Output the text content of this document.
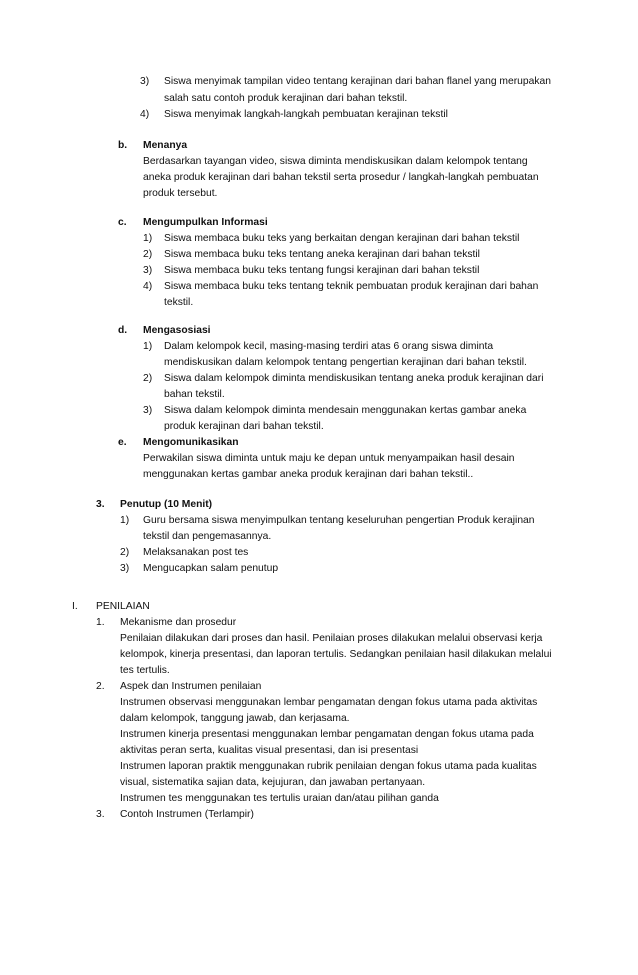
3) Siswa menyimak tampilan video tentang kerajinan dari bahan flanel yang merupakan
salah satu contoh produk kerajinan dari bahan tekstil.
4) Siswa menyimak langkah-langkah pembuatan kerajinan tekstil
b. Menanya
Berdasarkan tayangan video, siswa diminta mendiskusikan dalam kelompok tentang
aneka produk kerajinan dari bahan tekstil serta prosedur / langkah-langkah pembuatan
produk tersebut.
c. Mengumpulkan Informasi
1) Siswa membaca buku teks yang berkaitan dengan kerajinan dari bahan tekstil
2) Siswa membaca buku teks tentang aneka kerajinan dari bahan tekstil
3) Siswa membaca buku teks tentang fungsi kerajinan dari bahan tekstil
4) Siswa membaca buku teks tentang teknik pembuatan produk kerajinan dari bahan
tekstil.
d. Mengasosiasi
1) Dalam kelompok kecil, masing-masing terdiri atas 6 orang siswa diminta
mendiskusikan dalam kelompok tentang pengertian kerajinan dari bahan tekstil.
2) Siswa dalam kelompok diminta mendiskusikan tentang aneka produk kerajinan dari
bahan tekstil.
3) Siswa dalam kelompok diminta mendesain menggunakan kertas gambar aneka
produk kerajinan dari bahan tekstil.
e. Mengomunikasikan
Perwakilan siswa diminta untuk maju ke depan untuk menyampaikan hasil desain
menggunakan kertas gambar aneka produk kerajinan dari bahan tekstil..
3. Penutup (10 Menit)
1) Guru bersama siswa menyimpulkan tentang keseluruhan pengertian Produk kerajinan
tekstil dan pengemasannya.
2) Melaksanakan post tes
3) Mengucapkan salam penutup
I. PENILAIAN
1. Mekanisme dan prosedur
Penilaian dilakukan dari proses dan hasil. Penilaian proses dilakukan melalui observasi kerja
kelompok, kinerja presentasi, dan laporan tertulis. Sedangkan penilaian hasil dilakukan melalui
tes tertulis.
2. Aspek dan Instrumen penilaian
Instrumen observasi menggunakan lembar pengamatan dengan fokus utama pada aktivitas
dalam kelompok, tanggung jawab, dan kerjasama.
Instrumen kinerja presentasi menggunakan lembar pengamatan dengan fokus utama pada
aktivitas peran serta, kualitas visual presentasi, dan isi presentasi
Instrumen laporan praktik menggunakan rubrik penilaian dengan fokus utama pada kualitas
visual, sistematika sajian data, kejujuran, dan jawaban pertanyaan.
Instrumen tes menggunakan tes tertulis uraian dan/atau pilihan ganda
3. Contoh Instrumen (Terlampir)
